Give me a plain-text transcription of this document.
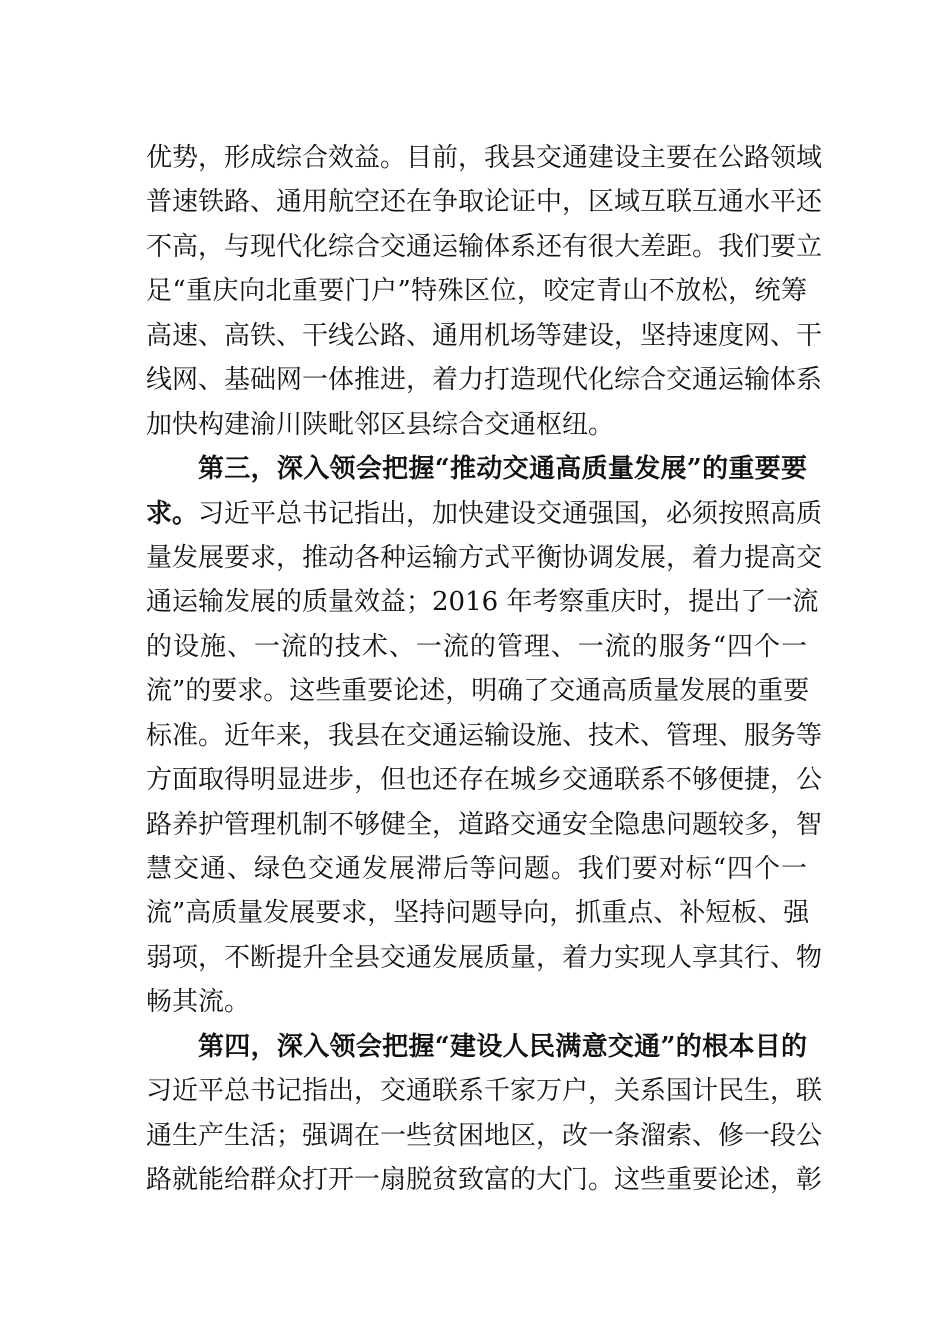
优势，形成综合效益。目前，我县交通建设主要在公路领域
普速铁路、通用航空还在争取论证中，区域互联互通水平还
不高，与现代化综合交通运输体系还有很大差距。我们要立
足“重庆向北重要门户”特殊区位，咬定青山不放松，统筹
高速、高铁、干线公路、通用机场等建设，坚持速度网、干
线网、基础网一体推进，着力打造现代化综合交通运输体系
加快构建渝川陕毗邻区县综合交通枢纽。
第三，深入领会把握“推动交通高质量发展”的重要要
求。习近平总书记指出，加快建设交通强国，必须按照高质
量发展要求，推动各种运输方式平衡协调发展，着力提高交
通运输发展的质量效益；2016 年考察重庆时，提出了一流
的设施、一流的技术、一流的管理、一流的服务“四个一
流”的要求。这些重要论述，明确了交通高质量发展的重要
标准。近年来，我县在交通运输设施、技术、管理、服务等
方面取得明显进步，但也还存在城乡交通联系不够便捷，公
路养护管理机制不够健全，道路交通安全隐患问题较多，智
慧交通、绿色交通发展滞后等问题。我们要对标“四个一
流”高质量发展要求，坚持问题导向，抓重点、补短板、强
弱项，不断提升全县交通发展质量，着力实现人享其行、物
畅其流。
第四，深入领会把握“建设人民满意交通”的根本目的
习近平总书记指出，交通联系千家万户，关系国计民生，联
通生产生活；强调在一些贫困地区，改一条溜索、修一段公
路就能给群众打开一扇脱贫致富的大门。这些重要论述，彰
